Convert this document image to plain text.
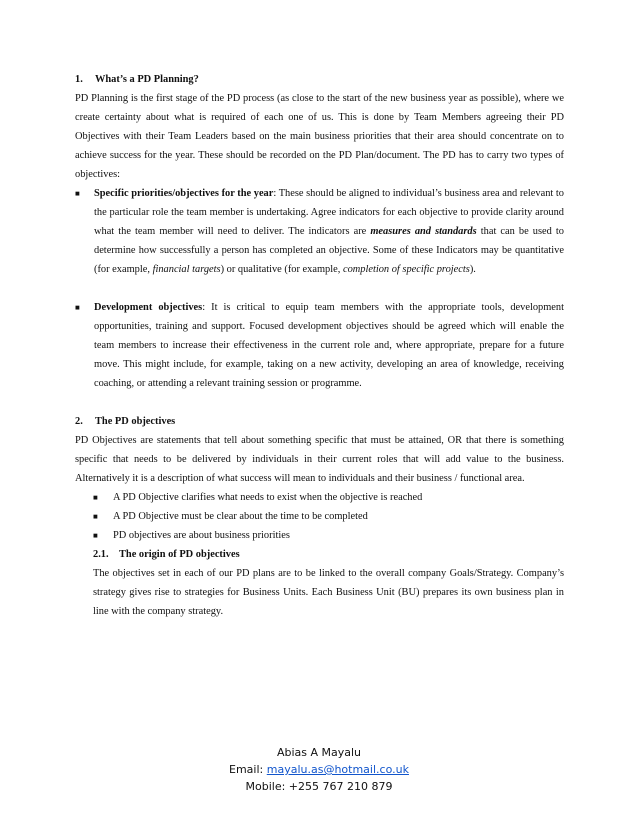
1. What’s a PD Planning?

PD Planning is the first stage of the PD process (as close to the start of the new business year as possible), where we create certainty about what is required of each one of us. This is done by Team Members agreeing their PD Objectives with their Team Leaders based on the main business priorities that their area should concentrate on to achieve success for the year. These should be recorded on the PD Plan/document. The PD has to carry two types of objectives:

■ Specific priorities/objectives for the year: These should be aligned to individual’s business area and relevant to the particular role the team member is undertaking. Agree indicators for each objective to provide clarity around what the team member will need to deliver. The indicators are measures and standards that can be used to determine how successfully a person has completed an objective. Some of these Indicators may be quantitative (for example, financial targets) or qualitative (for example, completion of specific projects).
■ Development objectives: It is critical to equip team members with the appropriate tools, development opportunities, training and support. Focused development objectives should be agreed which will enable the team members to increase their effectiveness in the current role and, where appropriate, prepare for a future move. This might include, for example, taking on a new activity, developing an area of knowledge, receiving coaching, or attending a relevant training session or programme.
2. The PD objectives

PD Objectives are statements that tell about something specific that must be attained, OR that there is something specific that needs to be delivered by individuals in their current roles that will add value to the business. Alternatively it is a description of what success will mean to individuals and their business / functional area.

■ A PD Objective clarifies what needs to exist when the objective is reached
■ A PD Objective must be clear about the time to be completed
■ PD objectives are about business priorities
2.1. The origin of PD objectives

The objectives set in each of our PD plans are to be linked to the overall company Goals/Strategy. Company’s strategy gives rise to strategies for Business Units. Each Business Unit (BU) prepares its own business plan in line with the company strategy.

Abias A Mayalu
Email: mayalu.as@hotmail.co.uk
Mobile: +255 767 210 879
